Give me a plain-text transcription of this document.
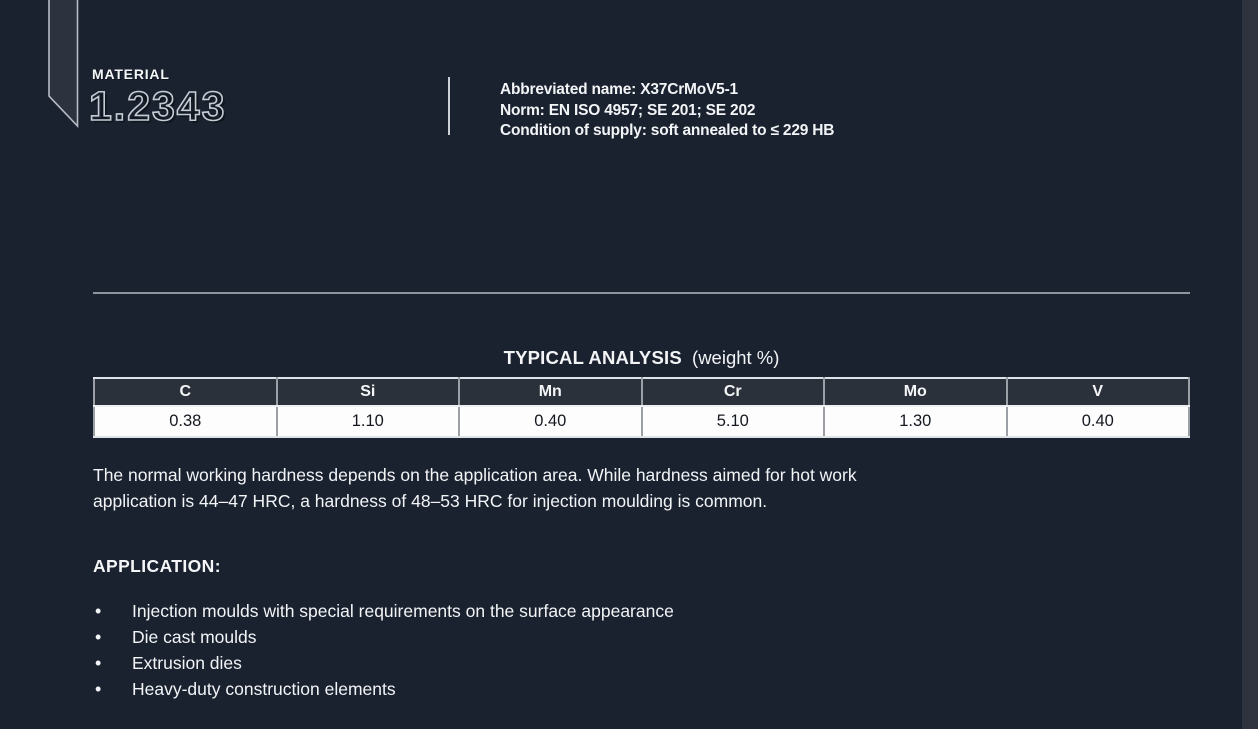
MATERIAL
1.2343	Abbreviated name: X37CrMoV5-1
Norm: EN ISO 4957; SE 201; SE 202
Condition of supply: soft annealed to ≤ 229 HB
TYPICAL ANALYSIS (weight %)
C	Si	Mn	Cr	Mo	V
0.38	1.10	0.40	5.10	1.30	0.40

The normal working hardness depends on the application area. While hardness aimed for hot work application is 44–47 HRC, a hardness of 48–53 HRC for injection moulding is common.

APPLICATION:
• Injection moulds with special requirements on the surface appearance
• Die cast moulds
• Extrusion dies
• Heavy-duty construction elements
